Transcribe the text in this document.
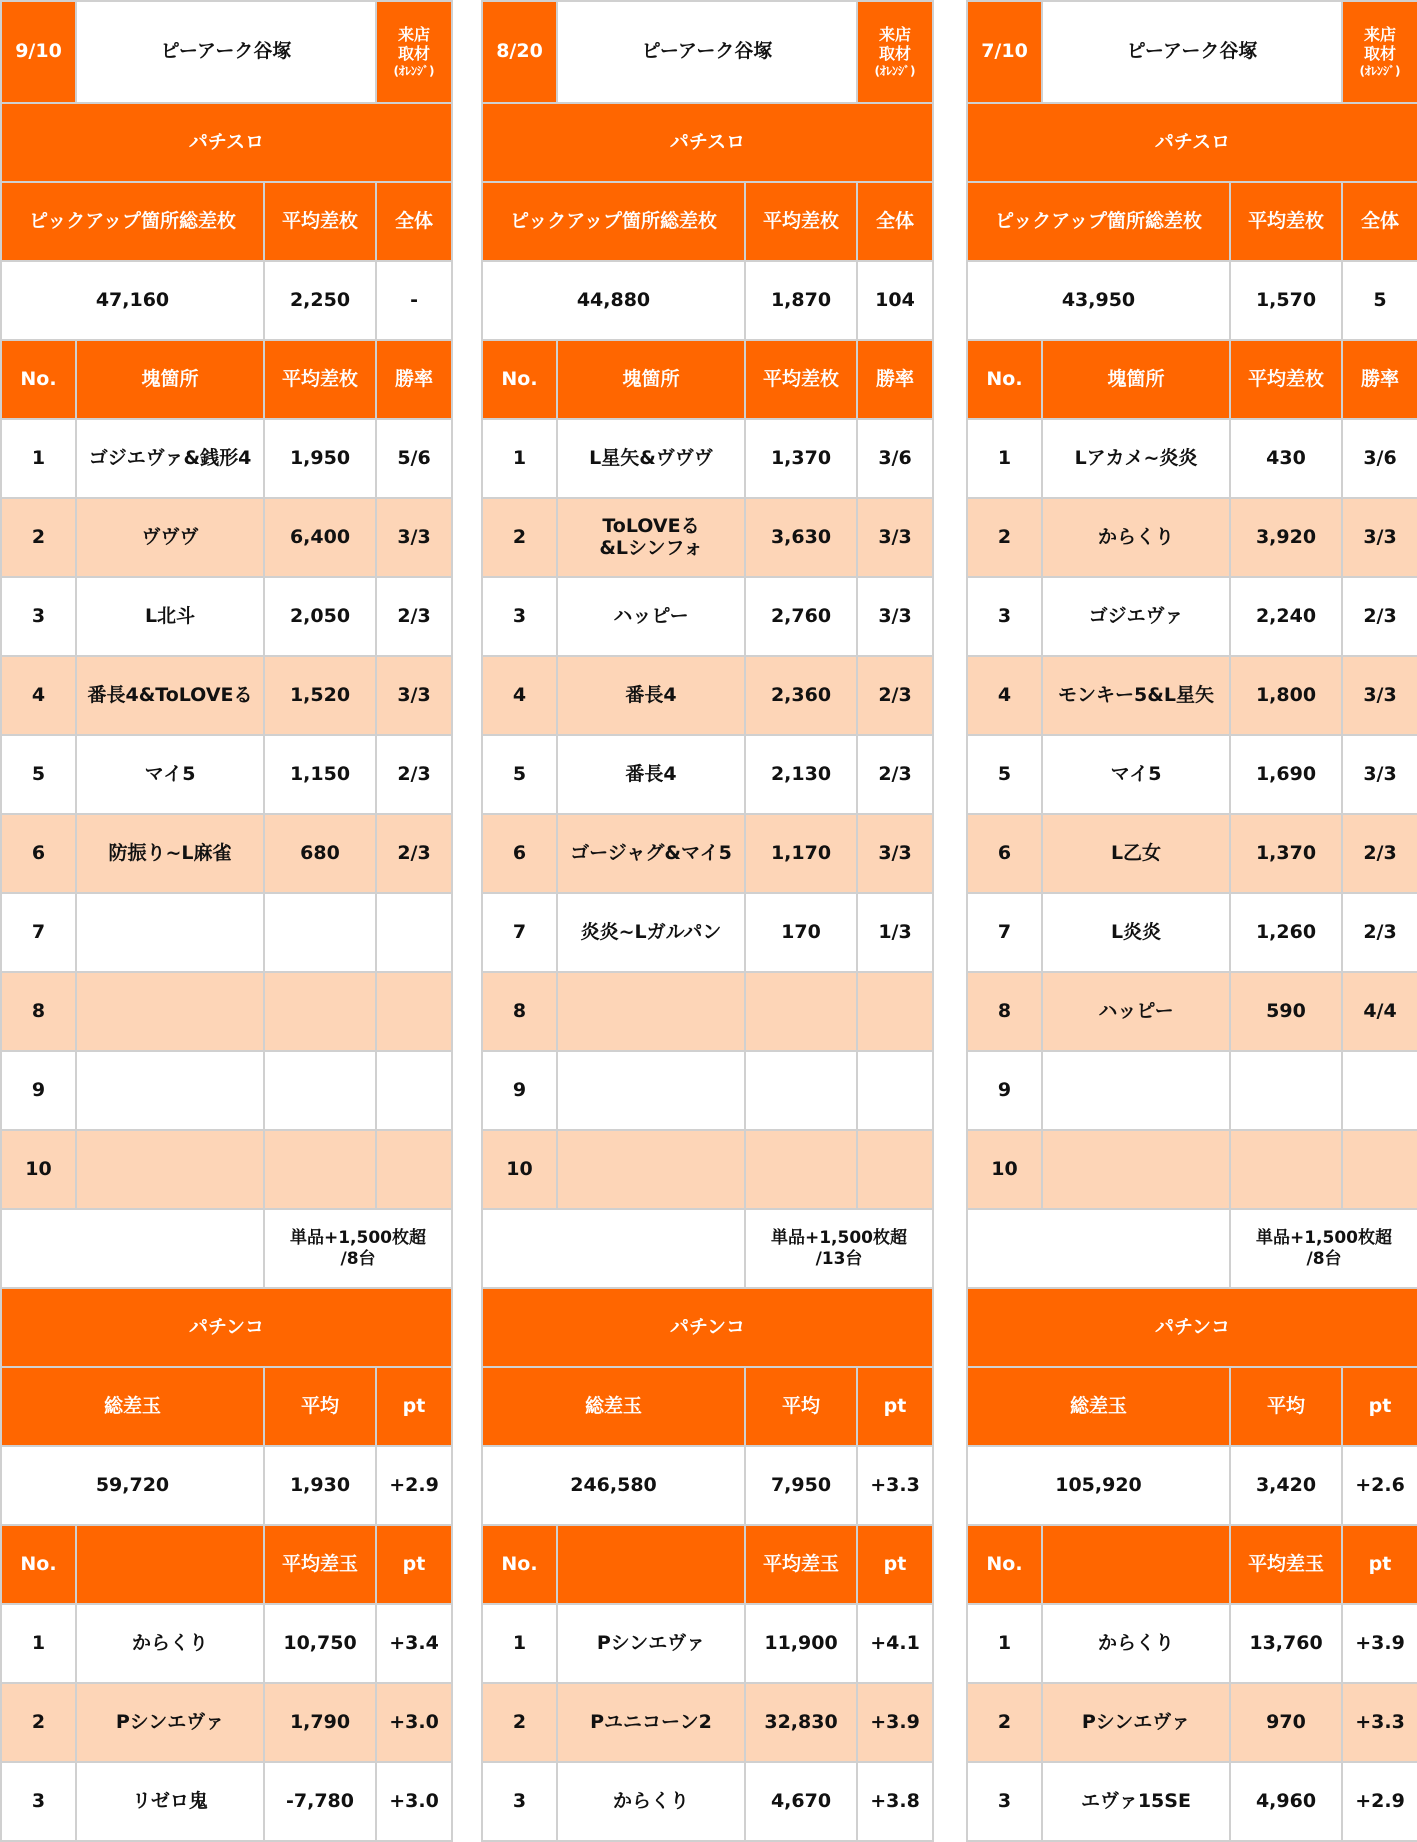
9/10	ピーアーク谷塚		来店
取材
(ｵﾚﾝｼﾞ)

パチスロ			
ピックアップ箇所総差枚		平均差枚	全体
47,160		2,250	-
No.	塊箇所	平均差枚	勝率
1	ゴジエヴァ&銭形4	1,950	5/6
2	ヴヴヴ	6,400	3/3
3	L北斗	2,050	2/3
4	番長4&ToLOVEる	1,520	3/3
5	マイ5	1,150	2/3
6	防振り~L麻雀	680	2/3
7			
8			
9			
10			

		単品+1,500枚超
/8台	

パチンコ			
総差玉		平均	pt
59,720		1,930	+2.9
No.		平均差玉	pt
1	からくり	10,750	+3.4
2	Pシンエヴァ	1,790	+3.0
3	リゼロ鬼	-7,780	+3.0
8/20	ピーアーク谷塚		来店
取材
(ｵﾚﾝｼﾞ)

パチスロ			
ピックアップ箇所総差枚		平均差枚	全体
44,880		1,870	104
No.	塊箇所	平均差枚	勝率
1	L星矢&ヴヴヴ	1,370	3/6
2	ToLOVEる
&Lシンフォ	3,630	3/3
3	ハッピー	2,760	3/3
4	番長4	2,360	2/3
5	番長4	2,130	2/3
6	ゴージャグ&マイ5	1,170	3/3
7	炎炎~Lガルパン	170	1/3
8			
9			
10			

		単品+1,500枚超
/13台	

パチンコ			
総差玉		平均	pt
246,580		7,950	+3.3
No.		平均差玉	pt
1	Pシンエヴァ	11,900	+4.1
2	Pユニコーン2	32,830	+3.9
3	からくり	4,670	+3.8
7/10	ピーアーク谷塚		来店
取材
(ｵﾚﾝｼﾞ)

パチスロ			
ピックアップ箇所総差枚		平均差枚	全体
43,950		1,570	5
No.	塊箇所	平均差枚	勝率
1	Lアカメ~炎炎	430	3/6
2	からくり	3,920	3/3
3	ゴジエヴァ	2,240	2/3
4	モンキー5&L星矢	1,800	3/3
5	マイ5	1,690	3/3
6	L乙女	1,370	2/3
7	L炎炎	1,260	2/3
8	ハッピー	590	4/4
9			
10			

		単品+1,500枚超
/8台	

パチンコ			
総差玉		平均	pt
105,920		3,420	+2.6
No.		平均差玉	pt
1	からくり	13,760	+3.9
2	Pシンエヴァ	970	+3.3
3	エヴァ15SE	4,960	+2.9
